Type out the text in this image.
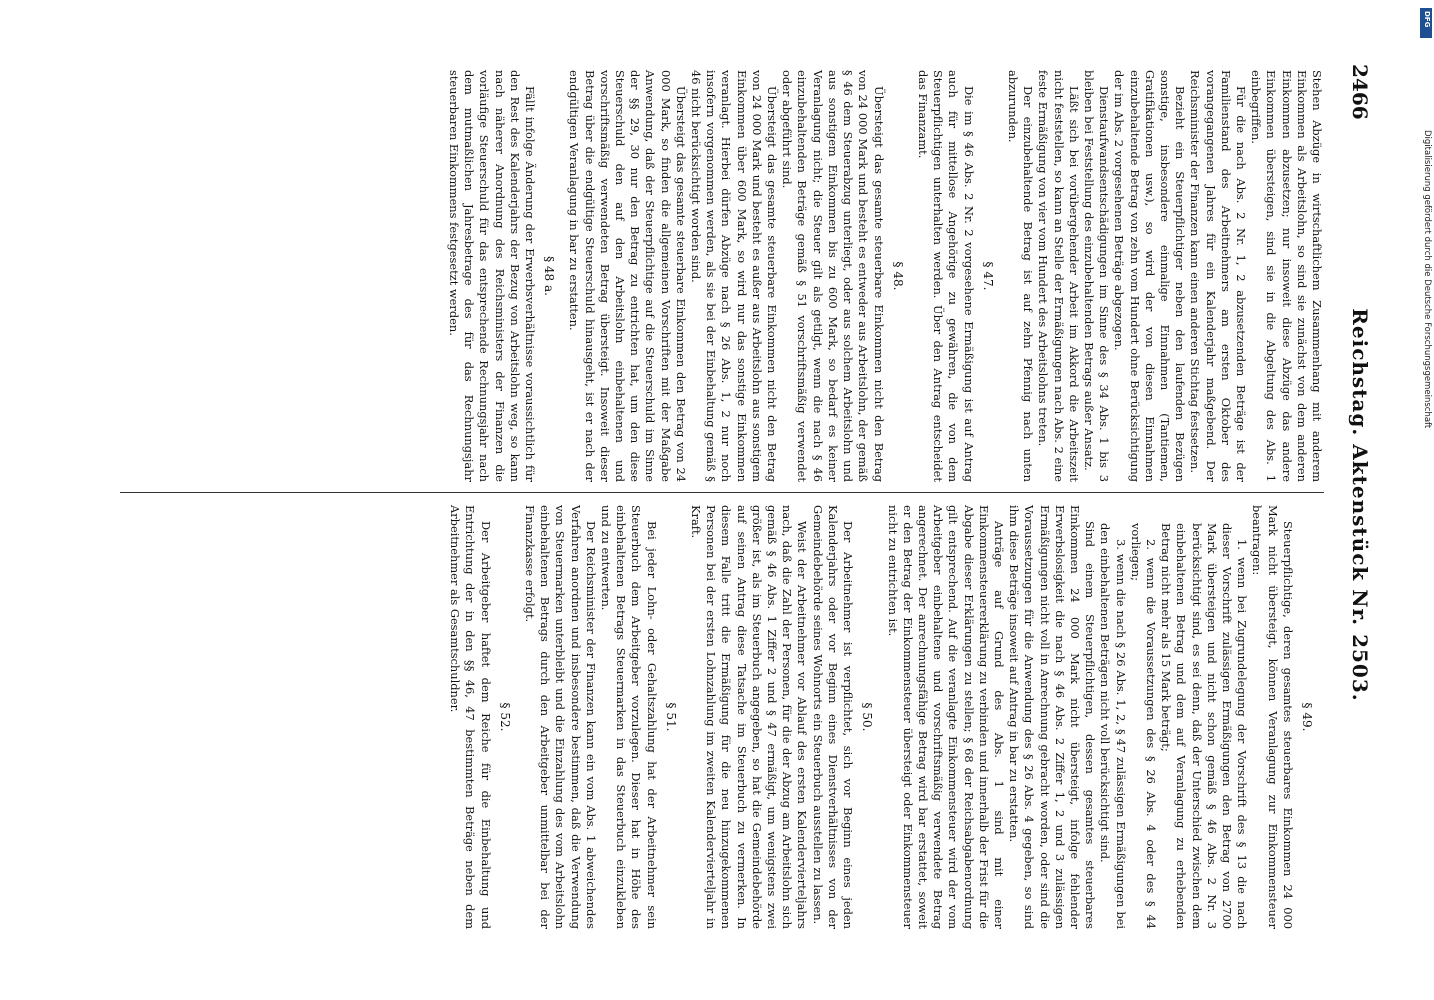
2466
Reichstag. Aktenstück Nr. 2503.

Stehen Abzüge in wirtschaftlichem Zusammenhang mit anderem Einkommen als Arbeitslohn, so sind sie zunächst von dem anderen Einkommen abzusetzen; nur insoweit diese Abzüge das andere Einkommen übersteigen, sind sie in die Abgeltung des Abs. 1 einbegriffen.

Für die nach Abs. 2 Nr. 1, 2 abzusetzenden Beträge ist der Familienstand des Arbeitnehmers am ersten Oktober des vorangegangenen Jahres für ein Kalenderjahr maßgebend. Der Reichsminister der Finanzen kann einen anderen Stichtag festsetzen.

Bezieht ein Steuerpflichtiger neben den laufenden Bezügen sonstige, insbesondere einmalige Einnahmen (Tantiemen, Gratifikationen usw.), so wird der von diesen Einnahmen einzubehaltende Betrag von zehn vom Hundert ohne Berücksichtigung der im Abs. 2 vorgesehenen Beträge abgezogen.

Dienstaufwandsentschädigungen im Sinne des § 34 Abs. 1 bis 3 bleiben bei Feststellung des einzubehaltenden Betrags außer Ansatz.

Läßt sich bei vorübergehender Arbeit im Akkord die Arbeitszeit nicht feststellen, so kann an Stelle der Ermäßigungen nach Abs. 2 eine feste Ermäßigung von vier vom Hundert des Arbeitslohns treten.

Der einzubehaltende Betrag ist auf zehn Pfennig nach unten abzurunden.

§ 47.

Die im § 46 Abs. 2 Nr. 2 vorgesehene Ermäßigung ist auf Antrag auch für mittellose Angehörige zu gewähren, die von dem Steuerpflichtigen unterhalten werden. Über den Antrag entscheidet das Finanzamt.

§ 48.

Übersteigt das gesamte steuerbare Einkommen nicht den Betrag von 24 000 Mark und besteht es entweder aus Arbeitslohn, der gemäß § 46 dem Steuerabzug unterliegt, oder aus solchem Arbeitslohn und aus sonstigem Einkommen bis zu 600 Mark, so bedarf es keiner Veranlagung nicht; die Steuer gilt als getilgt, wenn die nach § 46 einzubehaltenden Beträge gemäß § 51 vorschriftsmäßig verwendet oder abgeführt sind.

Übersteigt das gesamte steuerbare Einkommen nicht den Betrag von 24 000 Mark und besteht es außer aus Arbeitslohn aus sonstigem Einkommen über 600 Mark, so wird nur das sonstige Einkommen veranlagt. Hierbei dürfen Abzüge nach § 26 Abs. 1, 2 nur noch insofern vorgenommen werden, als sie bei der Einbehaltung gemäß § 46 nicht berücksichtigt worden sind.

Übersteigt das gesamte steuerbare Einkommen den Betrag von 24 000 Mark, so finden die allgemeinen Vorschriften mit der Maßgabe Anwendung, daß der Steuerpflichtige auf die Steuerschuld im Sinne der §§ 29, 30 nur den Betrag zu entrichten hat, um den diese Steuerschuld den auf den Arbeitslohn einbehaltenen und vorschriftsmäßig verwendeten Betrag übersteigt. Insoweit dieser Betrag über die endgültige Steuerschuld hinausgeht, ist er nach der endgültigen Veranlagung in bar zu erstatten.

§ 48 a.

Fällt infolge Änderung der Erwerbsverhältnisse voraussichtlich für den Rest des Kalenderjahrs der Bezug von Arbeitslohn weg, so kann nach näherer Anordnung des Reichsministers der Finanzen die vorläufige Steuerschuld für das entsprechende Rechnungsjahr nach dem mutmaßlichen Jahresbetrage des für das Rechnungsjahr steuerbaren Einkommens festgesetzt werden.

§ 49.

Steuerpflichtige, deren gesamtes steuerbares Einkommen 24 000 Mark nicht übersteigt, können Veranlagung zur Einkommensteuer beantragen:

1. wenn bei Zugrundelegung der Vorschrift des § 13 die nach dieser Vorschrift zulässigen Ermäßigungen den Betrag von 2700 Mark übersteigen und nicht schon gemäß § 46 Abs. 2 Nr. 3 berücksichtigt sind, es sei denn, daß der Unterschied zwischen dem einbehaltenen Betrag und dem auf Veranlagung zu erhebenden Betrag nicht mehr als 15 Mark beträgt;

2. wenn die Voraussetzungen des § 26 Abs. 4 oder des § 44 vorliegen;

3. wenn die nach § 26 Abs. 1, 2, § 47 zulässigen Ermäßigungen bei den einbehaltenen Beträgen nicht voll berücksichtigt sind.

Sind einem Steuerpflichtigen, dessen gesamtes steuerbares Einkommen 24 000 Mark nicht übersteigt, infolge fehlender Erwerbslosigkeit die nach § 46 Abs. 2 Ziffer 1, 2 und 3 zulässigen Ermäßigungen nicht voll in Anrechnung gebracht worden, oder sind die Voraussetzungen für die Anwendung des § 26 Abs. 4 gegeben, so sind ihm diese Beträge insoweit auf Antrag in bar zu erstatten.

Anträge auf Grund des Abs. 1 sind mit einer Einkommensteuererklärung zu verbinden und innerhalb der Frist für die Abgabe dieser Erklärungen zu stellen; § 68 der Reichsabgabenordnung gilt entsprechend. Auf die veranlagte Einkommensteuer wird der vom Arbeitgeber einbehaltene und vorschriftsmäßig verwendete Betrag angerechnet. Der anrechnungsfähige Betrag wird bar erstattet, soweit er den Betrag der Einkommensteuer übersteigt oder Einkommensteuer nicht zu entrichten ist.

§ 50.

Der Arbeitnehmer ist verpflichtet, sich vor Beginn eines jeden Kalenderjahrs oder vor Beginn eines Dienstverhältnisses von der Gemeindebehörde seines Wohnorts ein Steuerbuch ausstellen zu lassen.

Weist der Arbeitnehmer vor Ablauf des ersten Kalendervierteljahrs nach, daß die Zahl der Personen, für die der Abzug am Arbeitslohn sich gemäß § 46 Abs. 1 Ziffer 2 und § 47 ermäßigt, um wenigstens zwei größer ist, als im Steuerbuch angegeben, so hat die Gemeindebehörde auf seinen Antrag diese Tatsache im Steuerbuch zu vermerken. In diesem Falle tritt die Ermäßigung für die neu hinzugekommenen Personen bei der ersten Lohnzahlung im zweiten Kalendervierteljahr in Kraft.

§ 51.

Bei jeder Lohn- oder Gehaltszahlung hat der Arbeitnehmer sein Steuerbuch dem Arbeitgeber vorzulegen. Dieser hat in Höhe des einbehaltenen Betrags Steuermarken in das Steuerbuch einzukleben und zu entwerten.

Der Reichsminister der Finanzen kann ein vom Abs. 1 abweichendes Verfahren anordnen und insbesondere bestimmen, daß die Verwendung von Steuermarken unterbleibt und die Einzahlung des vom Arbeitslohn einbehaltenen Betrags durch den Arbeitgeber unmittelbar bei der Finanzkasse erfolgt.

§ 52.

Der Arbeitgeber haftet dem Reiche für die Einbehaltung und Entrichtung der in den §§ 46, 47 bestimmten Beträge neben dem Arbeitnehmer als Gesamtschuldner.

DFG
Digitalisierung gefördert durch die Deutsche Forschungsgemeinschaft
